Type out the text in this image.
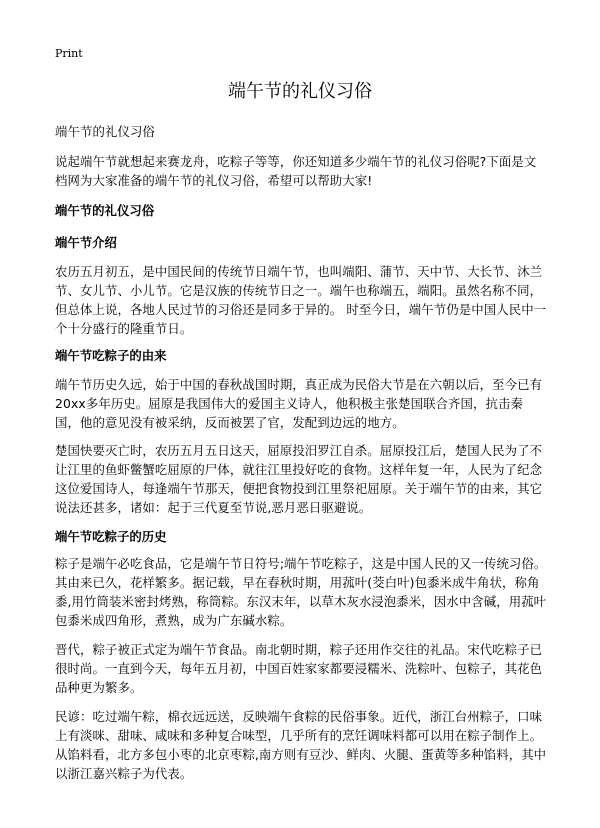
Print
端午节的礼仪习俗

端午节的礼仪习俗

说起端午节就想起来赛龙舟，吃粽子等等，你还知道多少端午节的礼仪习俗呢?下面是文档网为大家准备的端午节的礼仪习俗，希望可以帮助大家!

端午节的礼仪习俗
端午节介绍

农历五月初五，是中国民间的传统节日端午节，也叫端阳、蒲节、天中节、大长节、沐兰节、女儿节、小儿节。它是汉族的传统节日之一。端午也称端五，端阳。虽然名称不同，但总体上说，各地人民过节的习俗还是同多于异的。 时至今日，端午节仍是中国人民中一个十分盛行的隆重节日。

端午节吃粽子的由来

端午节历史久远，始于中国的春秋战国时期，真正成为民俗大节是在六朝以后，至今已有20xx多年历史。屈原是我国伟大的爱国主义诗人，他积极主张楚国联合齐国，抗击秦国，他的意见没有被采纳，反而被罢了官，发配到边远的地方。

楚国快要灭亡时，农历五月五日这天，屈原投汨罗江自杀。屈原投江后，楚国人民为了不让江里的鱼虾鳖蟹吃屈原的尸体，就往江里投好吃的食物。这样年复一年，人民为了纪念这位爱国诗人，每逢端午节那天，便把食物投到江里祭祀屈原。关于端午节的由来，其它说法还甚多，诸如：起于三代夏至节说,恶月恶日驱避说。

端午节吃粽子的历史

粽子是端午必吃食品，它是端午节日符号;端午节吃粽子，这是中国人民的又一传统习俗。其由来已久，花样繁多。据记载，早在春秋时期，用菰叶(茭白叶)包黍米成牛角状，称角黍,用竹筒装米密封烤熟，称筒粽。东汉末年，以草木灰水浸泡黍米，因水中含碱，用菰叶包黍米成四角形，煮熟，成为广东碱水粽。

晋代，粽子被正式定为端午节食品。南北朝时期，粽子还用作交往的礼品。宋代吃粽子已很时尚。一直到今天，每年五月初，中国百姓家家都要浸糯米、洗粽叶、包粽子，其花色品种更为繁多。

民谚：吃过端午粽，棉衣远远送，反映端午食粽的民俗事象。近代，浙江台州粽子，口味上有淡咪、甜味、咸味和多种复合味型，几乎所有的烹饪调味料都可以用在粽子制作上。从馅料看，北方多包小枣的北京枣粽,南方则有豆沙、鲜肉、火腿、蛋黄等多种馅料，其中以浙江嘉兴粽子为代表。
